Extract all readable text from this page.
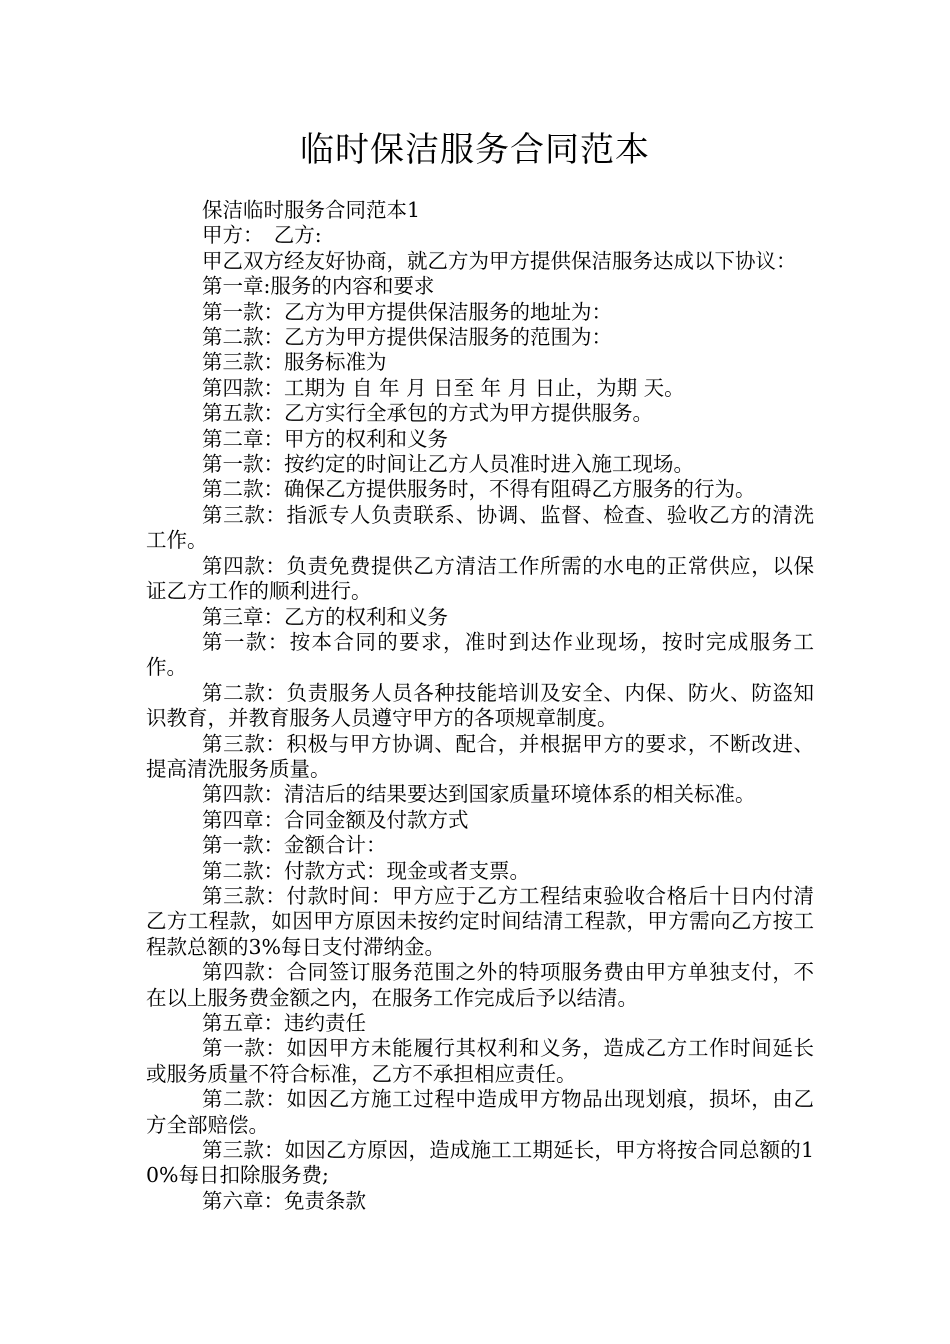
临时保洁服务合同范本

保洁临时服务合同范本1

甲方：　乙方:

甲乙双方经友好协商，就乙方为甲方提供保洁服务达成以下协议：

第一章:服务的内容和要求

第一款：乙方为甲方提供保洁服务的地址为：

第二款：乙方为甲方提供保洁服务的范围为：

第三款：服务标准为

第四款：工期为 自 年 月 日至 年 月 日止，为期 天。

第五款：乙方实行全承包的方式为甲方提供服务。

第二章：甲方的权利和义务

第一款：按约定的时间让乙方人员准时进入施工现场。

第二款：确保乙方提供服务时，不得有阻碍乙方服务的行为。

第三款：指派专人负责联系、协调、监督、检查、验收乙方的清洗工作。

第四款：负责免费提供乙方清洁工作所需的水电的正常供应，以保证乙方工作的顺利进行。

第三章：乙方的权利和义务

第一款：按本合同的要求，准时到达作业现场，按时完成服务工作。

第二款：负责服务人员各种技能培训及安全、内保、防火、防盗知识教育，并教育服务人员遵守甲方的各项规章制度。

第三款：积极与甲方协调、配合，并根据甲方的要求，不断改进、提高清洗服务质量。

第四款：清洁后的结果要达到国家质量环境体系的相关标准。

第四章：合同金额及付款方式

第一款：金额合计：

第二款：付款方式：现金或者支票。

第三款：付款时间：甲方应于乙方工程结束验收合格后十日内付清乙方工程款，如因甲方原因未按约定时间结清工程款，甲方需向乙方按工程款总额的3%每日支付滞纳金。

第四款：合同签订服务范围之外的特项服务费由甲方单独支付，不在以上服务费金额之内，在服务工作完成后予以结清。

第五章：违约责任

第一款：如因甲方未能履行其权利和义务，造成乙方工作时间延长或服务质量不符合标准，乙方不承担相应责任。

第二款：如因乙方施工过程中造成甲方物品出现划痕，损坏，由乙方全部赔偿。

第三款：如因乙方原因，造成施工工期延长，甲方将按合同总额的10%每日扣除服务费;

第六章：免责条款
